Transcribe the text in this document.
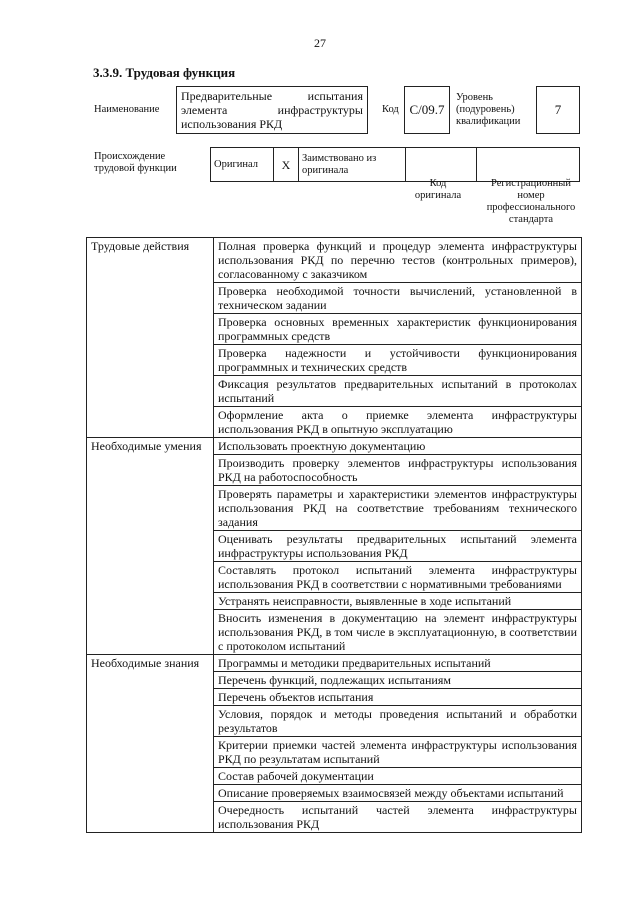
27
3.3.9. Трудовая функция
Наименование
Предварительные испытания
элемента инфраструктуры
использования РКД
Код С/09.7
Уровень
(подуровень)
квалификации
7
Происхождение
трудовой функции	Оригинал	Х	Заимствовано из
оригинала

Код
оригинала
Регистрационный
номер
профессионального
стандарта
Трудовые действия	Полная проверка функций и процедур элемента инфраструктуры использования РКД по перечню тестов (контрольных примеров), согласованному с заказчиком
	Проверка необходимой точности вычислений, установленной в техническом задании
	Проверка основных временных характеристик функционирования программных средств
	Проверка надежности и устойчивости функционирования программных и технических средств
	Фиксация результатов предварительных испытаний в протоколах испытаний
	Оформление акта о приемке элемента инфраструктуры использования РКД в опытную эксплуатацию
Необходимые умения	Использовать проектную документацию
	Производить проверку элементов инфраструктуры использования РКД на работоспособность
	Проверять параметры и характеристики элементов инфраструктуры использования РКД на соответствие требованиям технического задания
	Оценивать результаты предварительных испытаний элемента инфраструктуры использования РКД
	Составлять протокол испытаний элемента инфраструктуры использования РКД в соответствии с нормативными требованиями
	Устранять неисправности, выявленные в ходе испытаний
	Вносить изменения в документацию на элемент инфраструктуры использования РКД, в том числе в эксплуатационную, в соответствии с протоколом испытаний
Необходимые знания	Программы и методики предварительных испытаний
	Перечень функций, подлежащих испытаниям
	Перечень объектов испытания
	Условия, порядок и методы проведения испытаний и обработки результатов
	Критерии приемки частей элемента инфраструктуры использования РКД по результатам испытаний
	Состав рабочей документации
	Описание проверяемых взаимосвязей между объектами испытаний
	Очередность испытаний частей элемента инфраструктуры использования РКД
